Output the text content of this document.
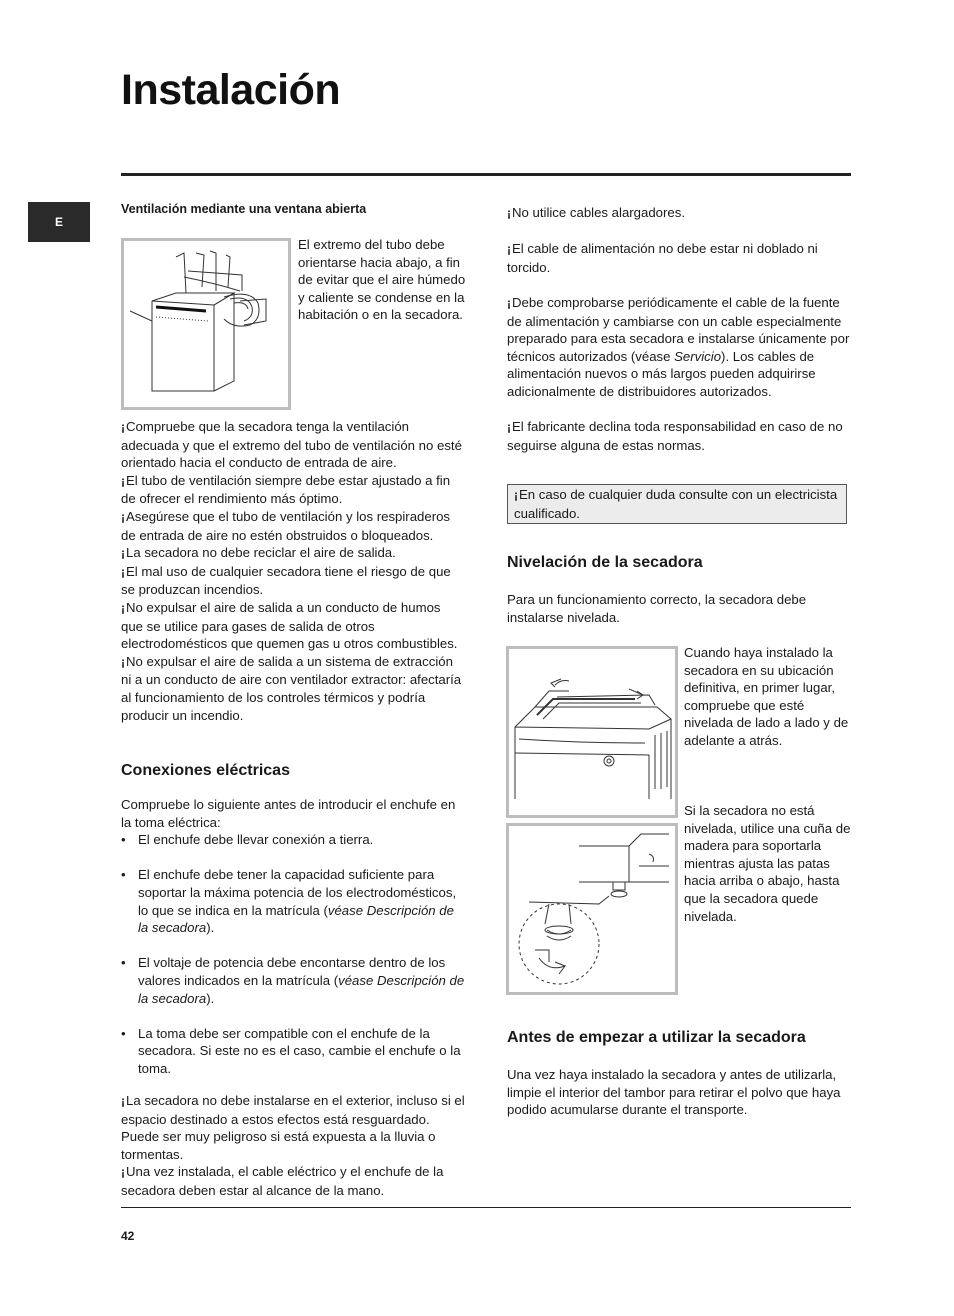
Instalación
E
Ventilación mediante una ventana abierta
El extremo del tubo debe orientarse hacia abajo, a fin de evitar que el aire húmedo y caliente se condense en la habitación o en la secadora.
¡Compruebe que la secadora tenga la ventilación adecuada y que el extremo del tubo de ventilación no esté orientado hacia el conducto de entrada de aire.
¡El tubo de ventilación siempre debe estar ajustado a fin de ofrecer el rendimiento más óptimo.
¡Asegúrese que el tubo de ventilación y los respiraderos de entrada de aire no estén obstruidos o bloqueados.
¡La secadora no debe reciclar el aire de salida.
¡El mal uso de cualquier secadora tiene el riesgo de que se produzcan incendios.
¡No expulsar el aire de salida a un conducto de humos que se utilice para gases de salida de otros electrodomésticos que quemen gas u otros combustibles.
¡No expulsar el aire de salida a un sistema de extracción ni a un conducto de aire con ventilador extractor: afectaría al funcionamiento de los controles térmicos y podría producir un incendio.
Conexiones eléctricas
Compruebe lo siguiente antes de introducir el enchufe en la toma eléctrica:
• El enchufe debe llevar conexión a tierra.
• El enchufe debe tener la capacidad suficiente para soportar la máxima potencia de los electrodomésticos, lo que se indica en la matrícula (véase Descripción de la secadora).
• El voltaje de potencia debe encontarse dentro de los valores indicados en la matrícula (véase Descripción de la secadora).
• La toma debe ser compatible con el enchufe de la secadora. Si este no es el caso, cambie el enchufe o la toma.
¡La secadora no debe instalarse en el exterior, incluso si el espacio destinado a estos efectos está resguardado. Puede ser muy peligroso si está expuesta a la lluvia o tormentas.
¡Una vez instalada, el cable eléctrico y el enchufe de la secadora deben estar al alcance de la mano.
¡No utilice cables alargadores.
¡El cable de alimentación no debe estar ni doblado ni torcido.
¡Debe comprobarse periódicamente el cable de la fuente de alimentación y cambiarse con un cable especialmente preparado para esta secadora e instalarse únicamente por técnicos autorizados (véase Servicio). Los cables de alimentación nuevos o más largos pueden adquirirse adicionalmente de distribuidores autorizados.
¡El fabricante declina toda responsabilidad en caso de no seguirse alguna de estas normas.
¡En caso de cualquier duda consulte con un electricista cualificado.
Nivelación de la secadora
Para un funcionamiento correcto, la secadora debe instalarse nivelada.
Cuando haya instalado la secadora en su ubicación definitiva, en primer lugar, compruebe que esté nivelada de lado a lado y de adelante a atrás.
Si la secadora no está nivelada, utilice una cuña de madera para soportarla mientras ajusta las patas hacia arriba o abajo, hasta que la secadora quede nivelada.
Antes de empezar a utilizar la secadora
Una vez haya instalado la secadora y antes de utilizarla, limpie el interior del tambor para retirar el polvo que haya podido acumularse durante el transporte.
42
